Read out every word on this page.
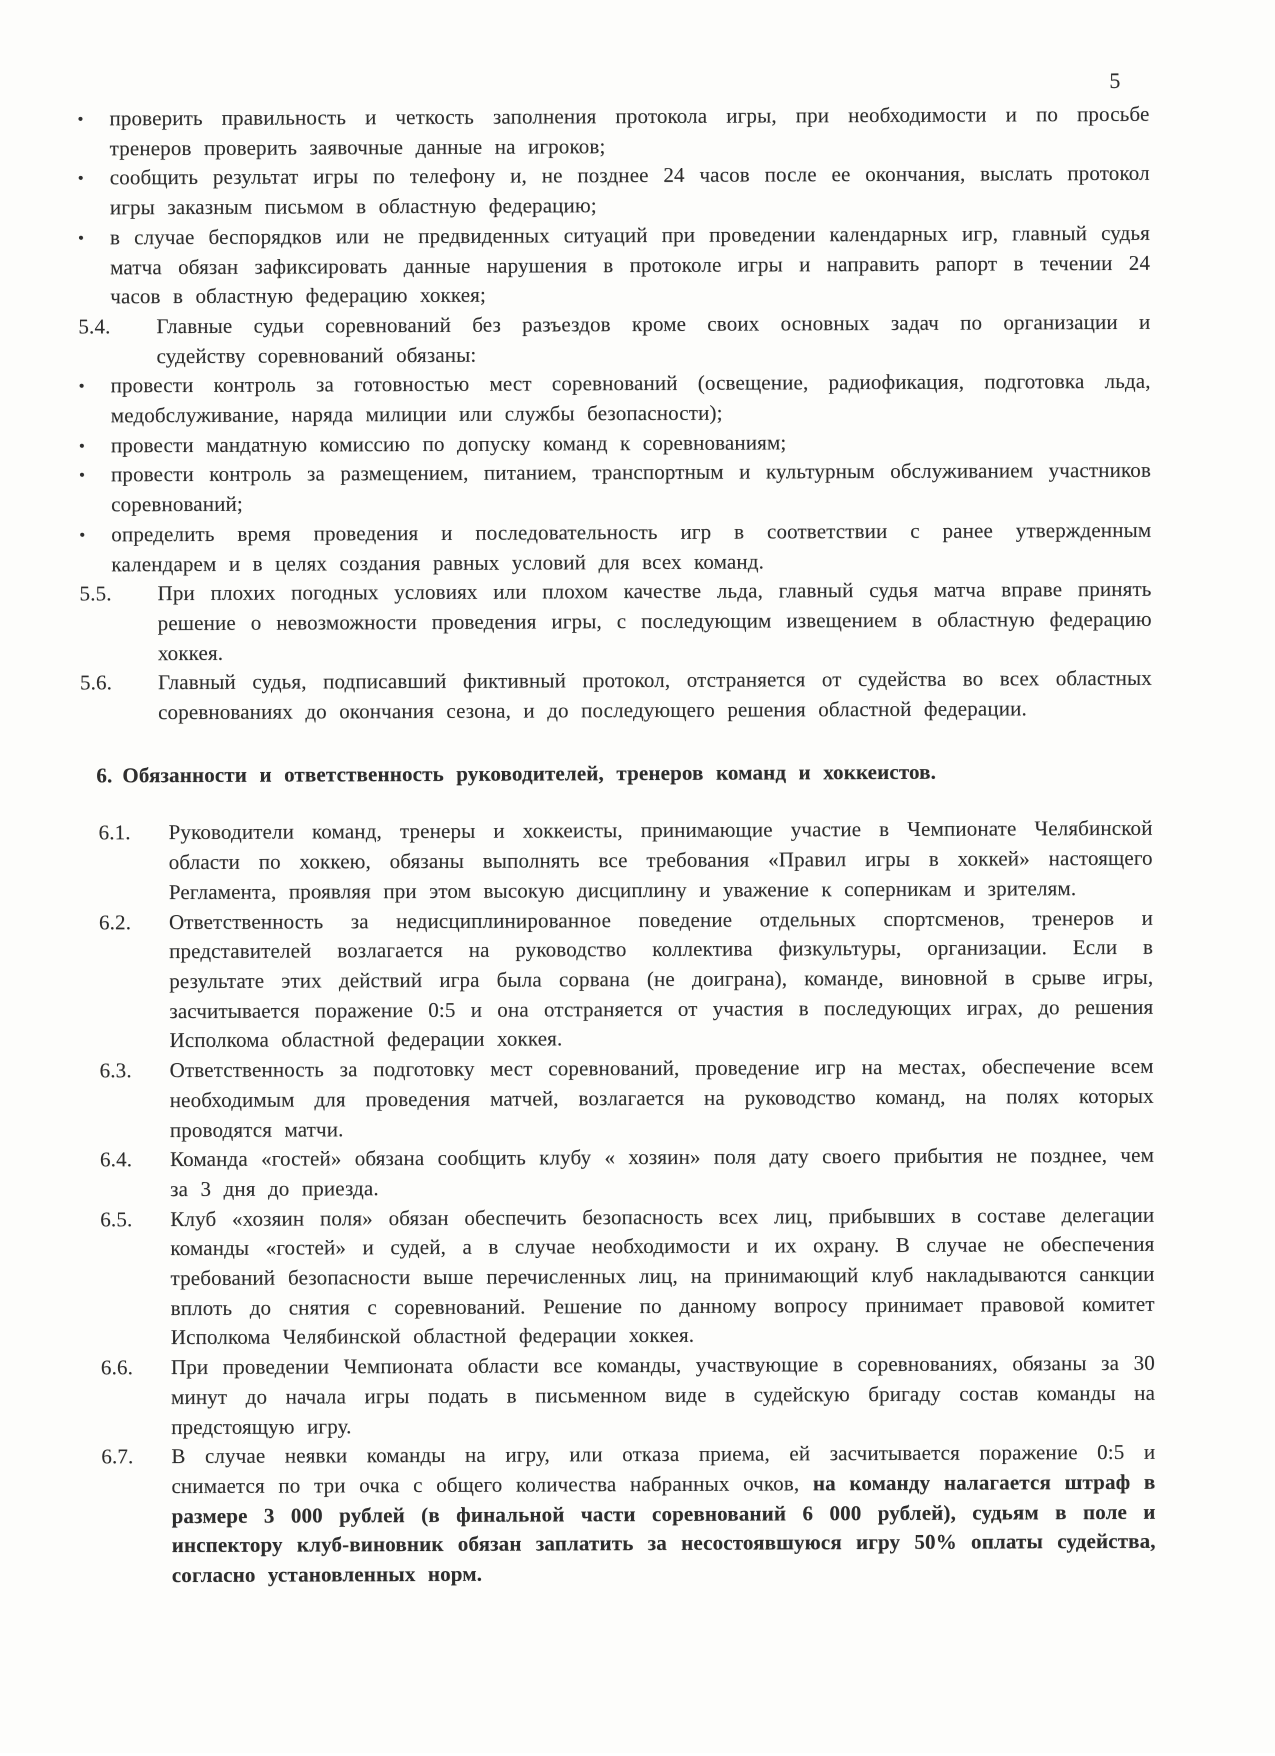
5
•	проверить правильность и четкость заполнения протокола игры, при необходимости и по просьбе тренеров проверить заявочные данные на игроков;
•	сообщить результат игры по телефону и, не позднее 24 часов после ее окончания, выслать протокол игры заказным письмом в областную федерацию;
•	в случае беспорядков или не предвиденных ситуаций при проведении календарных игр, главный судья матча обязан зафиксировать данные нарушения в протоколе игры и направить рапорт в течении 24 часов в областную федерацию хоккея;
5.4.	Главные судьи соревнований без разъездов кроме своих основных задач по организации и судейству соревнований обязаны:
•	провести контроль за готовностью мест соревнований (освещение, радиофикация, подготовка льда, медобслуживание, наряда милиции или службы безопасности);
•	провести мандатную комиссию по допуску команд к соревнованиям;
•	провести контроль за размещением, питанием, транспортным и культурным обслуживанием участников соревнований;
•	определить время проведения и последовательность игр в соответствии с ранее утвержденным календарем и в целях создания равных условий для всех команд.
5.5.	При плохих погодных условиях или плохом качестве льда, главный судья матча вправе принять решение о невозможности проведения игры, с последующим извещением в областную федерацию хоккея.
5.6.	Главный судья, подписавший фиктивный протокол, отстраняется от судейства во всех областных соревнованиях до окончания сезона, и до последующего решения областной федерации.
6. Обязанности и ответственность руководителей, тренеров команд и хоккеистов.
6.1.	Руководители команд, тренеры и хоккеисты, принимающие участие в Чемпионате Челябинской области по хоккею, обязаны выполнять все требования «Правил игры в хоккей» настоящего Регламента, проявляя при этом высокую дисциплину и уважение к соперникам и зрителям.
6.2.	Ответственность за недисциплинированное поведение отдельных спортсменов, тренеров и представителей возлагается на руководство коллектива физкультуры, организации. Если в результате этих действий игра была сорвана (не доиграна), команде, виновной в срыве игры, засчитывается поражение 0:5 и она отстраняется от участия в последующих играх, до решения Исполкома областной федерации хоккея.
6.3.	Ответственность за подготовку мест соревнований, проведение игр на местах, обеспечение всем необходимым для проведения матчей, возлагается на руководство команд, на полях которых проводятся матчи.
6.4.	Команда «гостей» обязана сообщить клубу « хозяин» поля дату своего прибытия не позднее, чем за 3 дня до приезда.
6.5.	Клуб «хозяин поля» обязан обеспечить безопасность всех лиц, прибывших в составе делегации команды «гостей» и судей, а в случае необходимости и их охрану. В случае не обеспечения требований безопасности выше перечисленных лиц, на принимающий клуб накладываются санкции вплоть до снятия с соревнований. Решение по данному вопросу принимает правовой комитет Исполкома Челябинской областной федерации хоккея.
6.6.	При проведении Чемпионата области все команды, участвующие в соревнованиях, обязаны за 30 минут до начала игры подать в письменном виде в судейскую бригаду состав команды на предстоящую игру.
6.7.	В случае неявки команды на игру, или отказа приема, ей засчитывается поражение 0:5 и снимается по три очка с общего количества набранных очков, на команду налагается штраф в размере 3 000 рублей (в финальной части соревнований 6 000 рублей), судьям в поле и инспектору клуб-виновник обязан заплатить за несостоявшуюся игру 50% оплаты судейства, согласно установленных норм.
